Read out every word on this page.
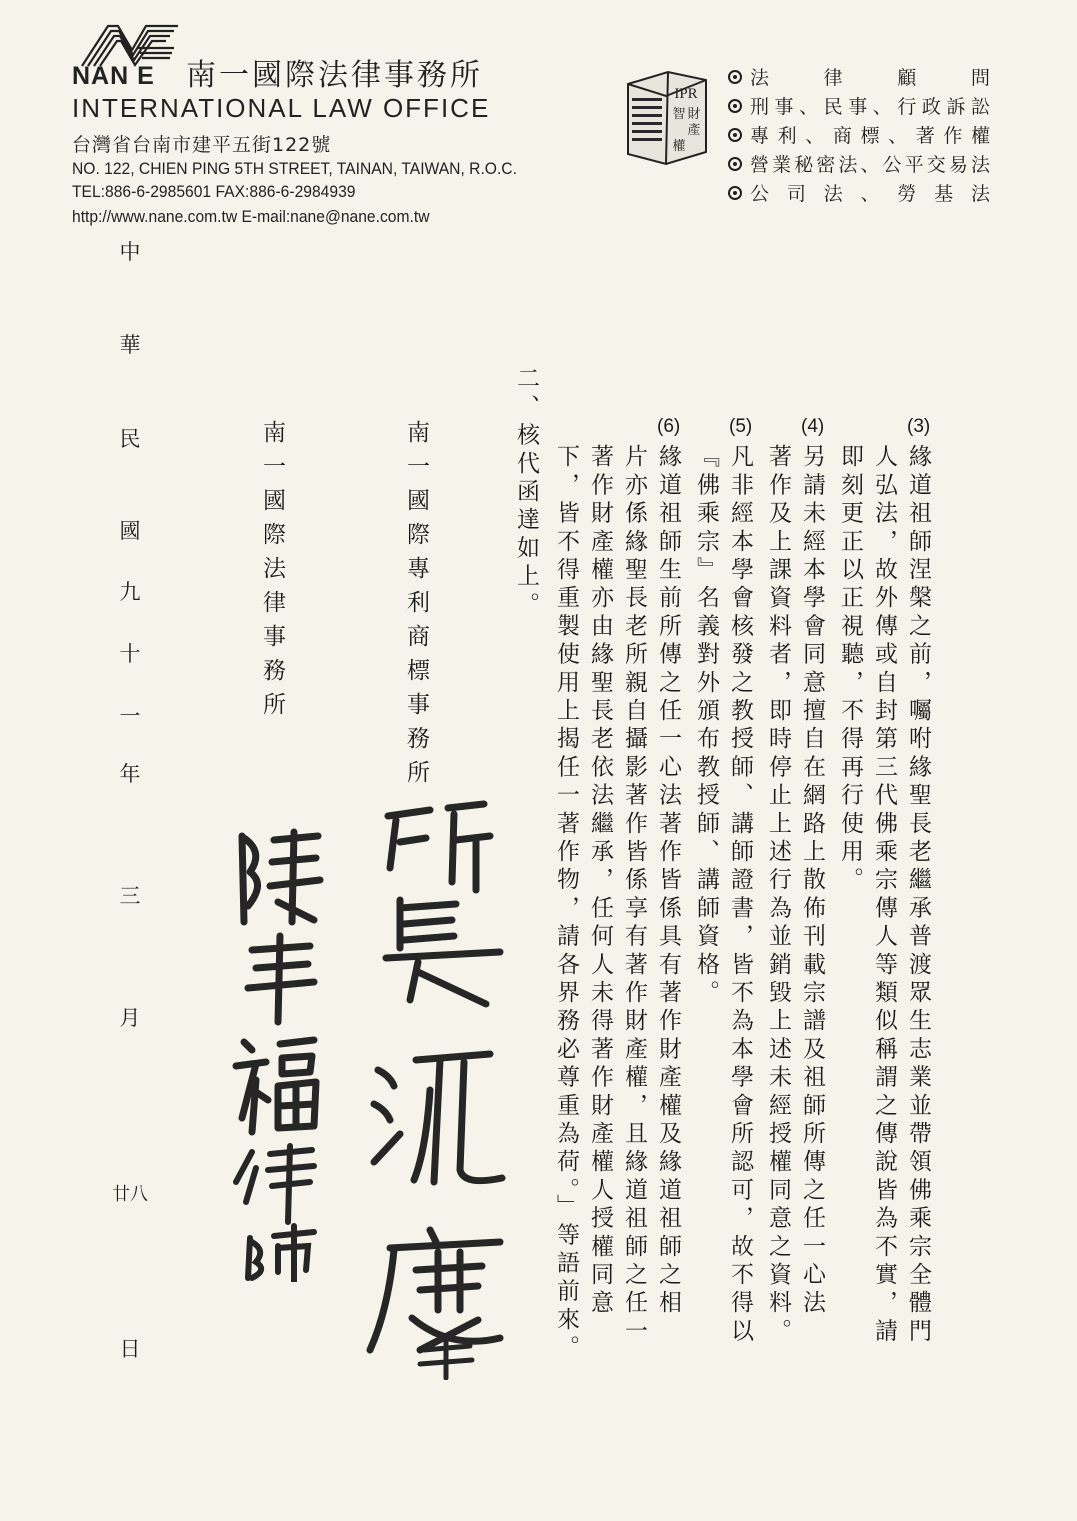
NAN E 南一國際法律事務所
INTERNATIONAL LAW OFFICE
台灣省台南市建平五街122號
NO. 122, CHIEN PING 5TH STREET, TAINAN, TAIWAN, R.O.C.
TEL:886-6-2985601 FAX:886-6-2984939
http://www.nane.com.tw E-mail:nane@nane.com.tw
IPR
智 財
產
權
法律顧問
刑事、民事、行政訴訟
專利、商標、著作權
營業秘密法、公平交易法
公司法、勞基法
(3)
緣道祖師涅槃之前，囑咐緣聖長老繼承普渡眾生志業並帶領佛乘宗全體門
人弘法，故外傳或自封第三代佛乘宗傳人等類似稱謂之傳說皆為不實，請
即刻更正以正視聽，不得再行使用。
(4)
另請未經本學會同意擅自在網路上散佈刊載宗譜及祖師所傳之任一心法
著作及上課資料者，即時停止上述行為並銷毀上述未經授權同意之資料。
(5)
凡非經本學會核發之教授師、講師證書，皆不為本學會所認可，故不得以
『佛乘宗』名義對外頒布教授師、講師資格。
(6)
緣道祖師生前所傳之任一心法著作皆係具有著作財產權及緣道祖師之相
片亦係緣聖長老所親自攝影著作皆係享有著作財產權，且緣道祖師之任一
著作財產權亦由緣聖長老依法繼承，任何人未得著作財產權人授權同意
下，皆不得重製使用上揭任一著作物，請各界務必尊重為荷。」等語前來。
二、核代函達如上。
南一國際專利商標事務所
南一國際法律事務所
中
華
民
國
九
十
一
年
三
月
廿八
日
